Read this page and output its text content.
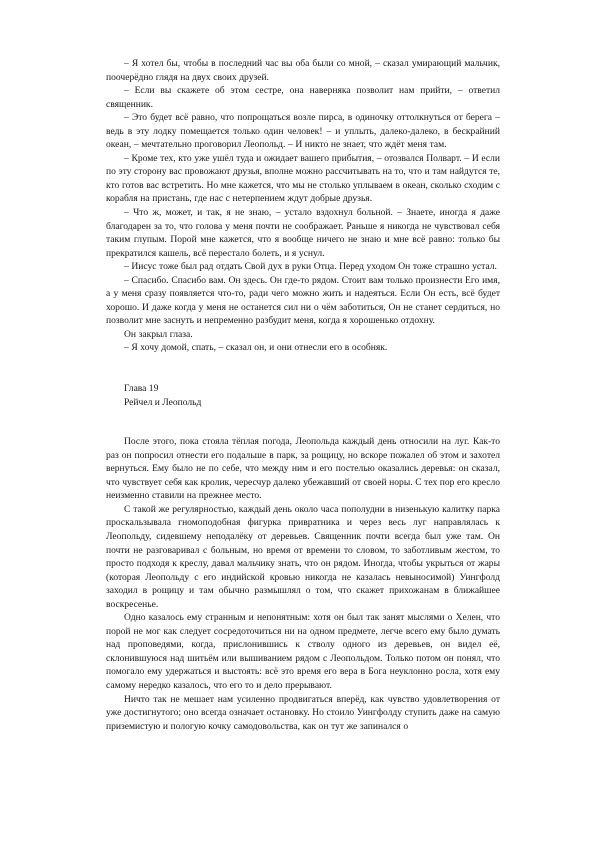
– Я хотел бы, чтобы в последний час вы оба были со мной, – сказал умирающий мальчик, поочерёдно глядя на двух своих друзей.

– Если вы скажете об этом сестре, она наверняка позволит нам прийти, – ответил священник.

– Это будет всё равно, что попрощаться возле пирса, в одиночку оттолкнуться от берега – ведь в эту лодку помещается только один человек! – и уплыть, далеко-далеко, в бескрайний океан, – мечтательно проговорил Леопольд. – И никто не знает, что ждёт меня там.

– Кроме тех, кто уже ушёл туда и ожидает вашего прибытия, – отозвался Полварт. – И если по эту сторону вас провожают друзья, вполне можно рассчитывать на то, что и там найдутся те, кто готов вас встретить. Но мне кажется, что мы не столько уплываем в океан, сколько сходим с корабля на пристань, где нас с нетерпением ждут добрые друзья.

– Что ж, может, и так, я не знаю, – устало вздохнул больной. – Знаете, иногда я даже благодарен за то, что голова у меня почти не соображает. Раньше я никогда не чувствовал себя таким глупым. Порой мне кажется, что я вообще ничего не знаю и мне всё равно: только бы прекратился кашель, всё перестало болеть, и я уснул.

– Иисус тоже был рад отдать Свой дух в руки Отца. Перед уходом Он тоже страшно устал.

– Спасибо. Спасибо вам. Он здесь. Он где-то рядом. Стоит вам только произнести Его имя, а у меня сразу появляется что-то, ради чего можно жить и надеяться. Если Он есть, всё будет хорошо. И даже когда у меня не останется сил ни о чём заботиться, Он не станет сердиться, но позволит мне заснуть и непременно разбудит меня, когда я хорошенько отдохну.

Он закрыл глаза.

– Я хочу домой, спать, – сказал он, и они отнесли его в особняк.

Глава 19
Рейчел и Леопольд

После этого, пока стояла тёплая погода, Леопольда каждый день относили на луг. Как-то раз он попросил отнести его подальше в парк, за рощицу, но вскоре пожалел об этом и захотел вернуться. Ему было не по себе, что между ним и его постелью оказались деревья: он сказал, что чувствует себя как кролик, чересчур далеко убежавший от своей норы. С тех пор его кресло неизменно ставили на прежнее место.

С такой же регулярностью, каждый день около часа пополудни в низенькую калитку парка проскальзывала гномоподобная фигурка привратника и через весь луг направлялась к Леопольду, сидевшему неподалёку от деревьев. Священник почти всегда был уже там. Он почти не разговаривал с больным, но время от времени то словом, то заботливым жестом, то просто подходя к креслу, давал мальчику знать, что он рядом. Иногда, чтобы укрыться от жары (которая Леопольду с его индийской кровью никогда не казалась невыносимой) Уингфолд заходил в рощицу и там обычно размышлял о том, что скажет прихожанам в ближайшее воскресенье.

Одно казалось ему странным и непонятным: хотя он был так занят мыслями о Хелен, что порой не мог как следует сосредоточиться ни на одном предмете, легче всего ему было думать над проповедями, когда, прислонившись к стволу одного из деревьев, он видел её, склонившуюся над шитьём или вышиванием рядом с Леопольдом. Только потом он понял, что помогало ему удержаться и выстоять: всё это время его вера в Бога неуклонно росла, хотя ему самому нередко казалось, что его то и дело прерывают.

Ничто так не мешает нам усиленно продвигаться вперёд, как чувство удовлетворения от уже достигнутого; оно всегда означает остановку. Но стоило Уингфолду ступить даже на самую приземистую и пологую кочку самодовольства, как он тут же запинался о
